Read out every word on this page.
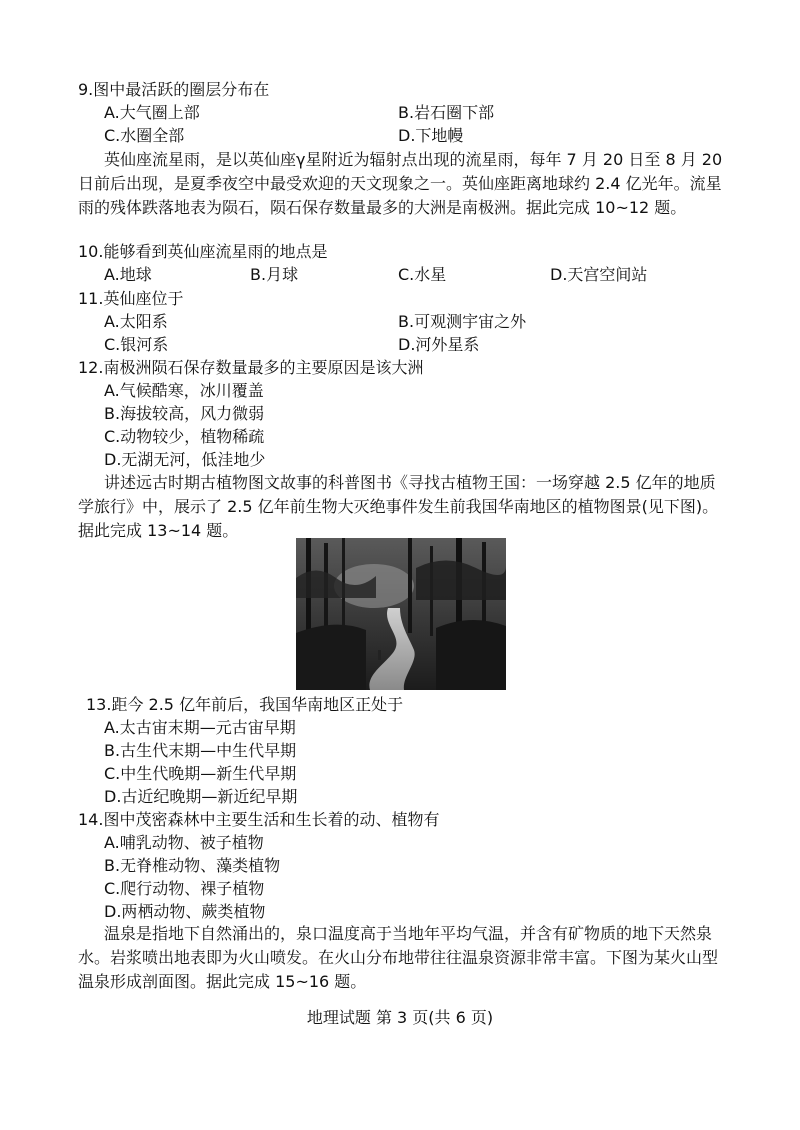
9.图中最活跃的圈层分布在
A.大气圈上部	B.岩石圈下部
C.水圈全部	D.下地幔
英仙座流星雨，是以英仙座γ星附近为辐射点出现的流星雨，每年 7 月 20 日至 8 月 20 日前后出现，是夏季夜空中最受欢迎的天文现象之一。英仙座距离地球约 2.4 亿光年。流星雨的残体跌落地表为陨石，陨石保存数量最多的大洲是南极洲。据此完成 10~12 题。
10.能够看到英仙座流星雨的地点是
A.地球	B.月球	C.水星	D.天宫空间站
11.英仙座位于
A.太阳系	B.可观测宇宙之外
C.银河系	D.河外星系
12.南极洲陨石保存数量最多的主要原因是该大洲
A.气候酷寒，冰川覆盖
B.海拔较高，风力微弱
C.动物较少，植物稀疏
D.无湖无河，低洼地少
讲述远古时期古植物图文故事的科普图书《寻找古植物王国：一场穿越 2.5 亿年的地质学旅行》中，展示了 2.5 亿年前生物大灭绝事件发生前我国华南地区的植物图景(见下图)。据此完成 13~14 题。
13.距今 2.5 亿年前后，我国华南地区正处于
A.太古宙末期—元古宙早期
B.古生代末期—中生代早期
C.中生代晚期—新生代早期
D.古近纪晚期—新近纪早期
14.图中茂密森林中主要生活和生长着的动、植物有
A.哺乳动物、被子植物
B.无脊椎动物、藻类植物
C.爬行动物、裸子植物
D.两栖动物、蕨类植物
温泉是指地下自然涌出的，泉口温度高于当地年平均气温，并含有矿物质的地下天然泉水。岩浆喷出地表即为火山喷发。在火山分布地带往往温泉资源非常丰富。下图为某火山型温泉形成剖面图。据此完成 15~16 题。
地理试题 第 3 页(共 6 页)
